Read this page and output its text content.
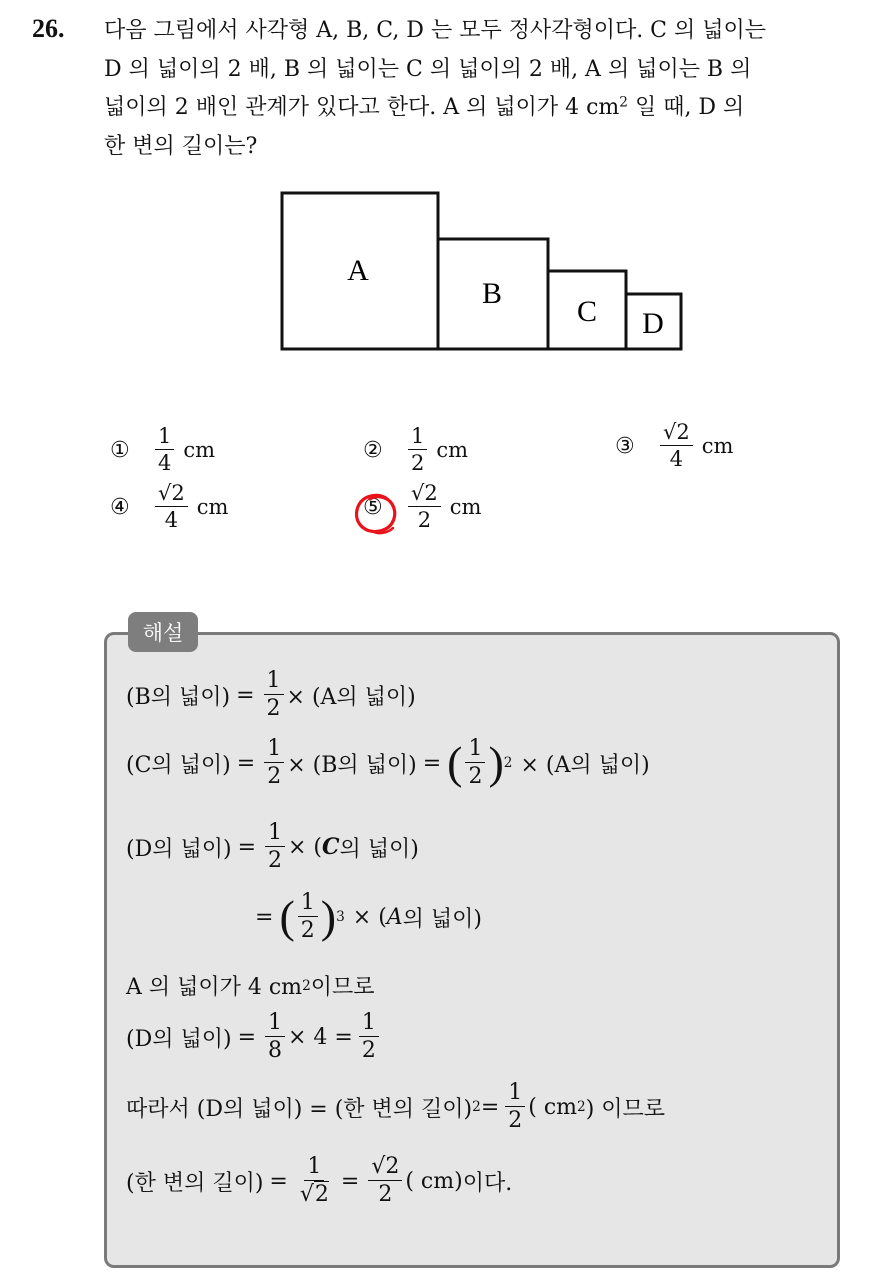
26. 다음 그림에서 사각형 A, B, C, D 는 모두 정사각형이다. C 의 넓이는
D 의 넓이의 2 배, B 의 넓이는 C 의 넓이의 2 배, A 의 넓이는 B 의
넓이의 2 배인 관계가 있다고 한다. A 의 넓이가 4 $cm^2$ 일 때, D 의
한 변의 길이는?
A
B
C D
①	$\frac{1}{4}$ cm	②	$\frac{1}{2}$ cm	③	$\frac{√2}{4}$ cm
④	$\frac{√2}{4}$ cm	⑤	$\frac{√2}{2}$ cm
해설
(B의 넓이) = $\frac{1}{2} \times (A$의 넓이)
(C의 넓이) = $\frac{1}{2} \times (B$의 넓이) = ( $\frac{1}{2}$ ) 2 × (A의 넓이)
(D의 넓이) = $\frac{1}{2}$ × ( C 의 넓이)
= ( $\frac{1}{2}$ ) 3 × ( A 의 넓이)
A 의 넓이가 4 cm 2 이므로
(D의 넓이) = $\frac{1}{8} \times 4 = \frac{1}{2}$
따라서 (D의 넓이) = (한 변의 길이) $2 = \frac{1}{2}$ ( cm 2 ) 이므로
(한 변의 길이) = $\frac{1}{√2} = \frac{√2}{2}$ ( cm) 이다.
